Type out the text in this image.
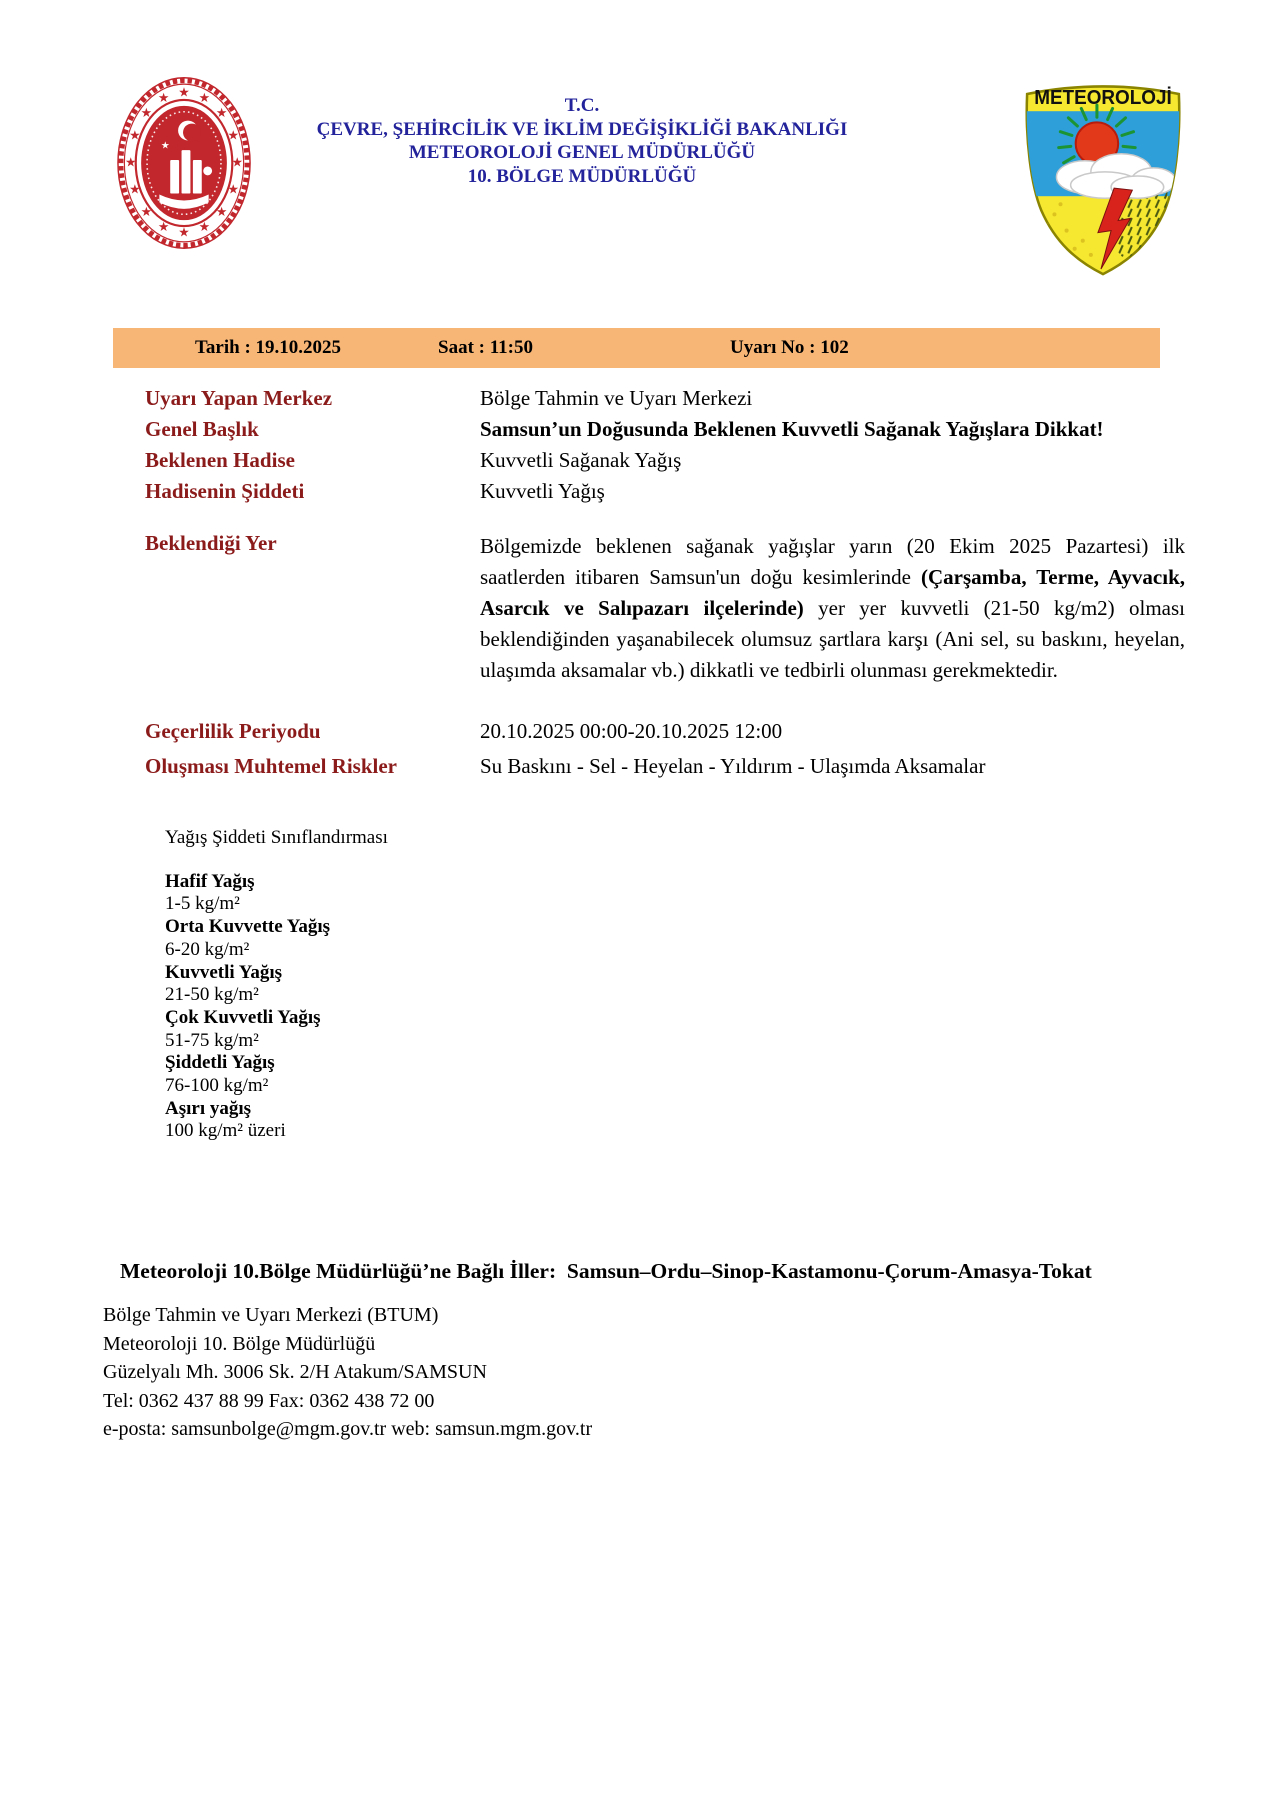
★ ★
★
★
★
★
★
★
★
★
★
★
★
★
★
★
★
T.C.
ÇEVRE, ŞEHİRCİLİK VE İKLİM DEĞİŞİKLİĞİ BAKANLIĞI
METEOROLOJİ GENEL MÜDÜRLÜĞÜ
10. BÖLGE MÜDÜRLÜĞÜ
METEOROLOJİ
Tarih : 19.10.2025	Saat : 11:50	Uyarı No : 102
Uyarı Yapan Merkez	Bölge Tahmin ve Uyarı Merkezi
Genel Başlık	Samsun’un Doğusunda Beklenen Kuvvetli Sağanak Yağışlara Dikkat!
Beklenen Hadise	Kuvvetli Sağanak Yağış
Hadisenin Şiddeti	Kuvvetli Yağış
Beklendiği Yer	Bölgemizde beklenen sağanak yağışlar yarın (20 Ekim 2025 Pazartesi) ilk saatlerden itibaren Samsun'un doğu kesimlerinde (Çarşamba, Terme, Ayvacık, Asarcık ve Salıpazarı ilçelerinde) yer yer kuvvetli (21-50 kg/m2) olması beklendiğinden yaşanabilecek olumsuz şartlara karşı (Ani sel, su baskını, heyelan, ulaşımda aksamalar vb.) dikkatli ve tedbirli olunması gerekmektedir.
Geçerlilik Periyodu	20.10.2025 00:00-20.10.2025 12:00
Oluşması Muhtemel Riskler	Su Baskını - Sel - Heyelan - Yıldırım - Ulaşımda Aksamalar
Yağış Şiddeti Sınıflandırması
Hafif Yağış
1-5 kg/m²
Orta Kuvvette Yağış
6-20 kg/m²
Kuvvetli Yağış
21-50 kg/m²
Çok Kuvvetli Yağış
51-75 kg/m²
Şiddetli Yağış
76-100 kg/m²
Aşırı yağış
100 kg/m² üzeri
Meteoroloji 10.Bölge Müdürlüğü’ne Bağlı İller:  Samsun–Ordu–Sinop-Kastamonu-Çorum-Amasya-Tokat
Bölge Tahmin ve Uyarı Merkezi (BTUM)
Meteoroloji 10. Bölge Müdürlüğü
Güzelyalı Mh. 3006 Sk. 2/H Atakum/SAMSUN
Tel: 0362 437 88 99 Fax: 0362 438 72 00
e-posta: samsunbolge@mgm.gov.tr web: samsun.mgm.gov.tr
